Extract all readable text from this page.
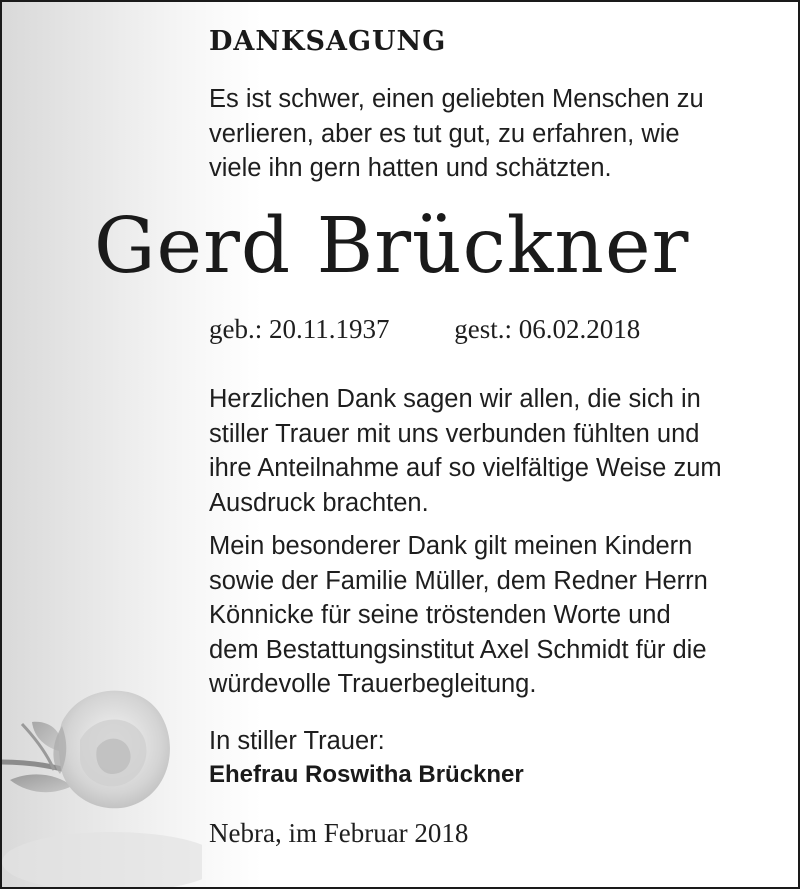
DANKSAGUNG

Es ist schwer, einen geliebten Menschen zu
verlieren, aber es tut gut, zu erfahren, wie
viele ihn gern hatten und schätzten.

Gerd Brückner
geb.: 20.11.1937 gest.: 06.02.2018

Herzlichen Dank sagen wir allen, die sich in
stiller Trauer mit uns verbunden fühlten und
ihre Anteilnahme auf so vielfältige Weise zum
Ausdruck brachten.

Mein besonderer Dank gilt meinen Kindern
sowie der Familie Müller, dem Redner Herrn
Könnicke für seine tröstenden Worte und
dem Bestattungsinstitut Axel Schmidt für die
würdevolle Trauerbegleitung.

In stiller Trauer:

Ehefrau Roswitha Brückner

Nebra, im Februar 2018
